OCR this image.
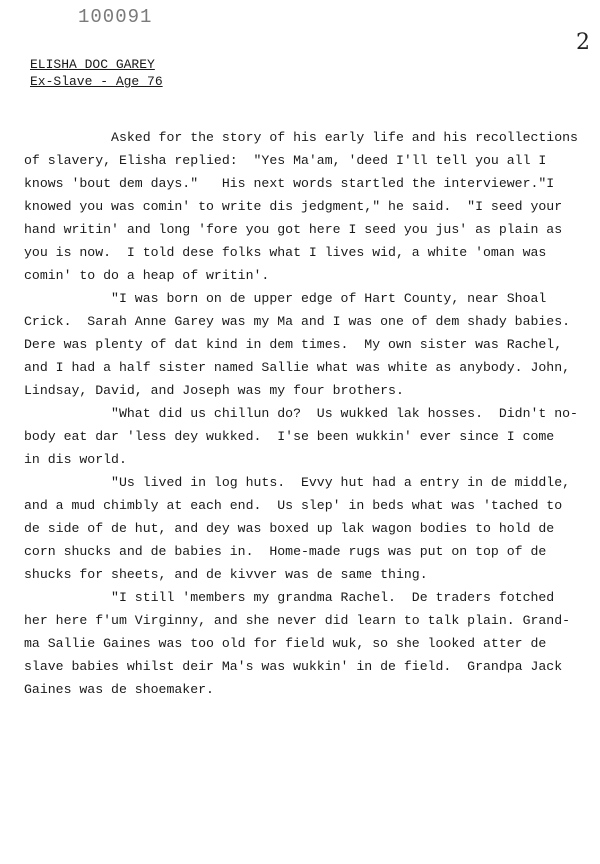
100091
2
ELISHA DOC GAREY
Ex-Slave - Age 76
Asked for the story of his early life and his recollections
of slavery, Elisha replied:  "Yes Ma'am, 'deed I'll tell you all I
knows 'bout dem days."   His next words startled the interviewer."I
knowed you was comin' to write dis jedgment," he said.  "I seed your
hand writin' and long 'fore you got here I seed you jus' as plain as
you is now.  I told dese folks what I lives wid, a white 'oman was
comin' to do a heap of writin'.
"I was born on de upper edge of Hart County, near Shoal
Crick.  Sarah Anne Garey was my Ma and I was one of dem shady babies.
Dere was plenty of dat kind in dem times.  My own sister was Rachel,
and I had a half sister named Sallie what was white as anybody. John,
Lindsay, David, and Joseph was my four brothers.
"What did us chillun do?  Us wukked lak hosses.  Didn't no-
body eat dar 'less dey wukked.  I'se been wukkin' ever since I come
in dis world.
"Us lived in log huts.  Evvy hut had a entry in de middle,
and a mud chimbly at each end.  Us slep' in beds what was 'tached to
de side of de hut, and dey was boxed up lak wagon bodies to hold de
corn shucks and de babies in.  Home-made rugs was put on top of de
shucks for sheets, and de kivver was de same thing.
"I still 'members my grandma Rachel.  De traders fotched
her here f'um Virginny, and she never did learn to talk plain. Grand-
ma Sallie Gaines was too old for field wuk, so she looked atter de
slave babies whilst deir Ma's was wukkin' in de field.  Grandpa Jack
Gaines was de shoemaker.
